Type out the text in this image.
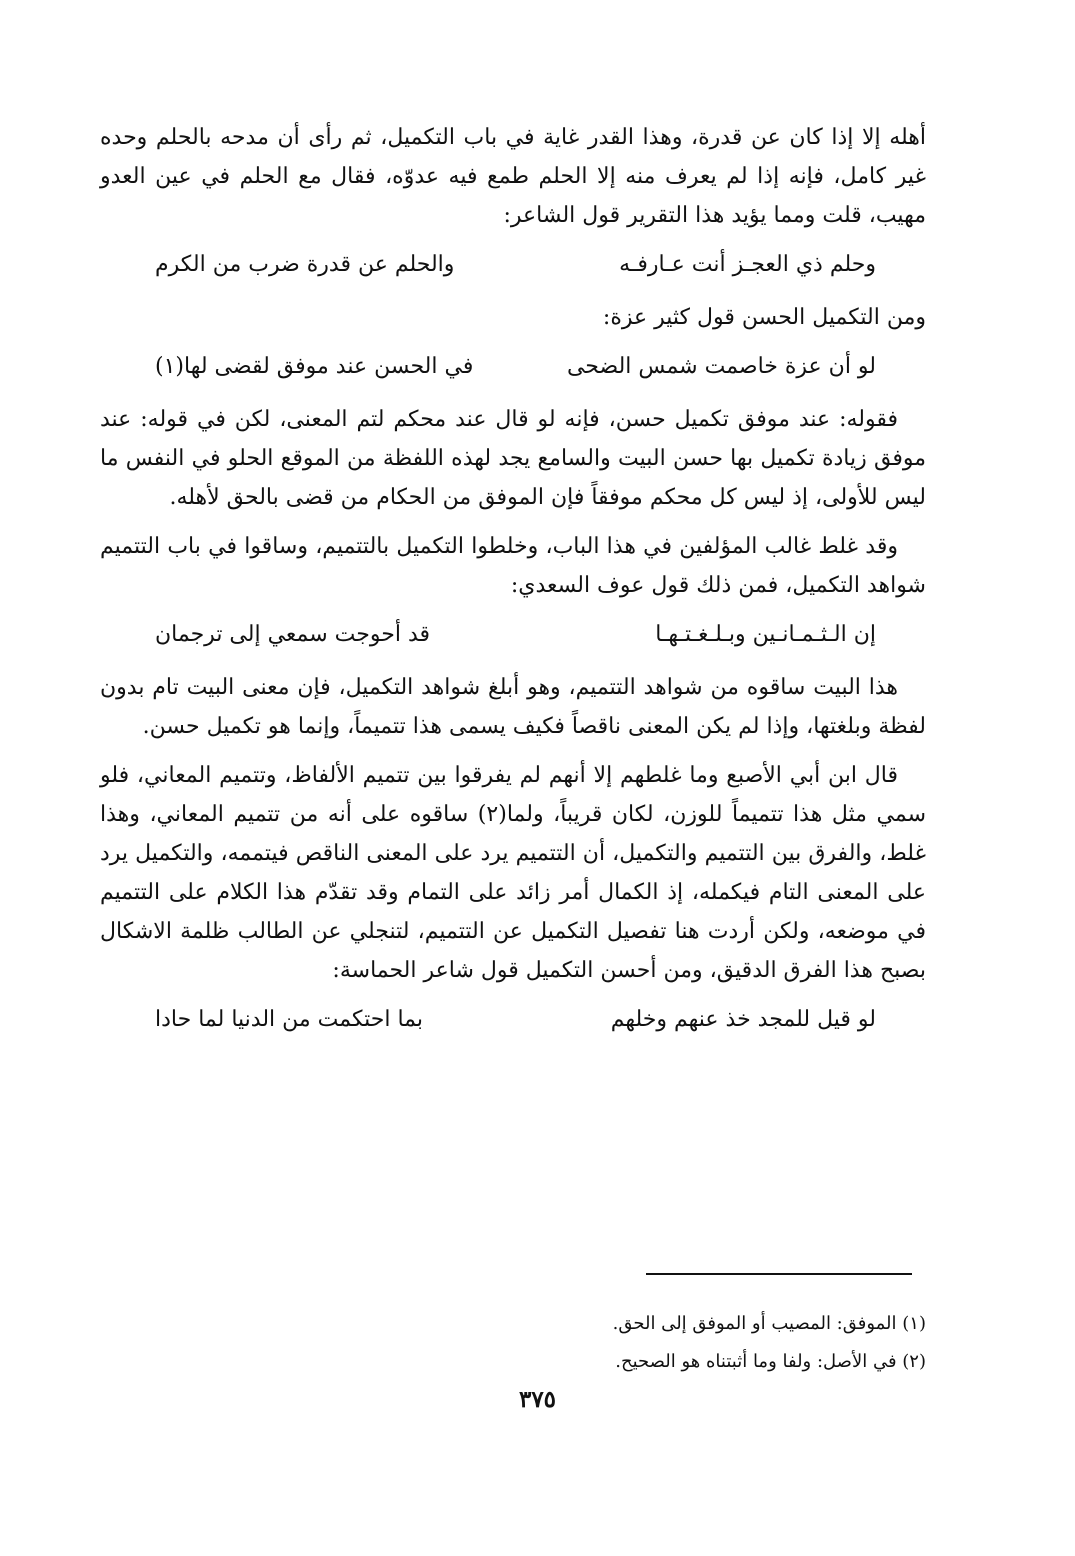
أهله إلا إذا كان عن قدرة، وهذا القدر غاية في باب التكميل، ثم رأى أن مدحه بالحلم وحده غير كامل، فإنه إذا لم يعرف منه إلا الحلم طمع فيه عدوّه، فقال مع الحلم في عين العدو مهيب، قلت ومما يؤيد هذا التقرير قول الشاعر:

وحلم ذي العجـز أنت عـارفـه
والحلم عن قدرة ضرب من الكرم

ومن التكميل الحسن قول كثير عزة:

لو أن عزة خاصمت شمس الضحى
في الحسن عند موفق لقضى لها(١)

فقوله: عند موفق تكميل حسن، فإنه لو قال عند محكم لتم المعنى، لكن في قوله: عند موفق زيادة تكميل بها حسن البيت والسامع يجد لهذه اللفظة من الموقع الحلو في النفس ما ليس للأولى، إذ ليس كل محكم موفقاً فإن الموفق من الحكام من قضى بالحق لأهله.

وقد غلط غالب المؤلفين في هذا الباب، وخلطوا التكميل بالتتميم، وساقوا في باب التتميم شواهد التكميل، فمن ذلك قول عوف السعدي:

إن الـثـمـانـين وبـلـغـتـهـا
قد أحوجت سمعي إلى ترجمان

هذا البيت ساقوه من شواهد التتميم، وهو أبلغ شواهد التكميل، فإن معنى البيت تام بدون لفظة وبلغتها، وإذا لم يكن المعنى ناقصاً فكيف يسمى هذا تتميماً، وإنما هو تكميل حسن.

قال ابن أبي الأصبع وما غلطهم إلا أنهم لم يفرقوا بين تتميم الألفاظ، وتتميم المعاني، فلو سمي مثل هذا تتميماً للوزن، لكان قريباً، ولما(٢) ساقوه على أنه من تتميم المعاني، وهذا غلط، والفرق بين التتميم والتكميل، أن التتميم يرد على المعنى الناقص فيتممه، والتكميل يرد على المعنى التام فيكمله، إذ الكمال أمر زائد على التمام وقد تقدّم هذا الكلام على التتميم في موضعه، ولكن أردت هنا تفصيل التكميل عن التتميم، لتنجلي عن الطالب ظلمة الاشكال بصبح هذا الفرق الدقيق، ومن أحسن التكميل قول شاعر الحماسة:

لو قيل للمجد خذ عنهم وخلهم
بما احتكمت من الدنيا لما حادا

(١) الموفق: المصيب أو الموفق إلى الحق.

(٢) في الأصل: ولفا وما أثبتناه هو الصحيح.

٣٧٥
